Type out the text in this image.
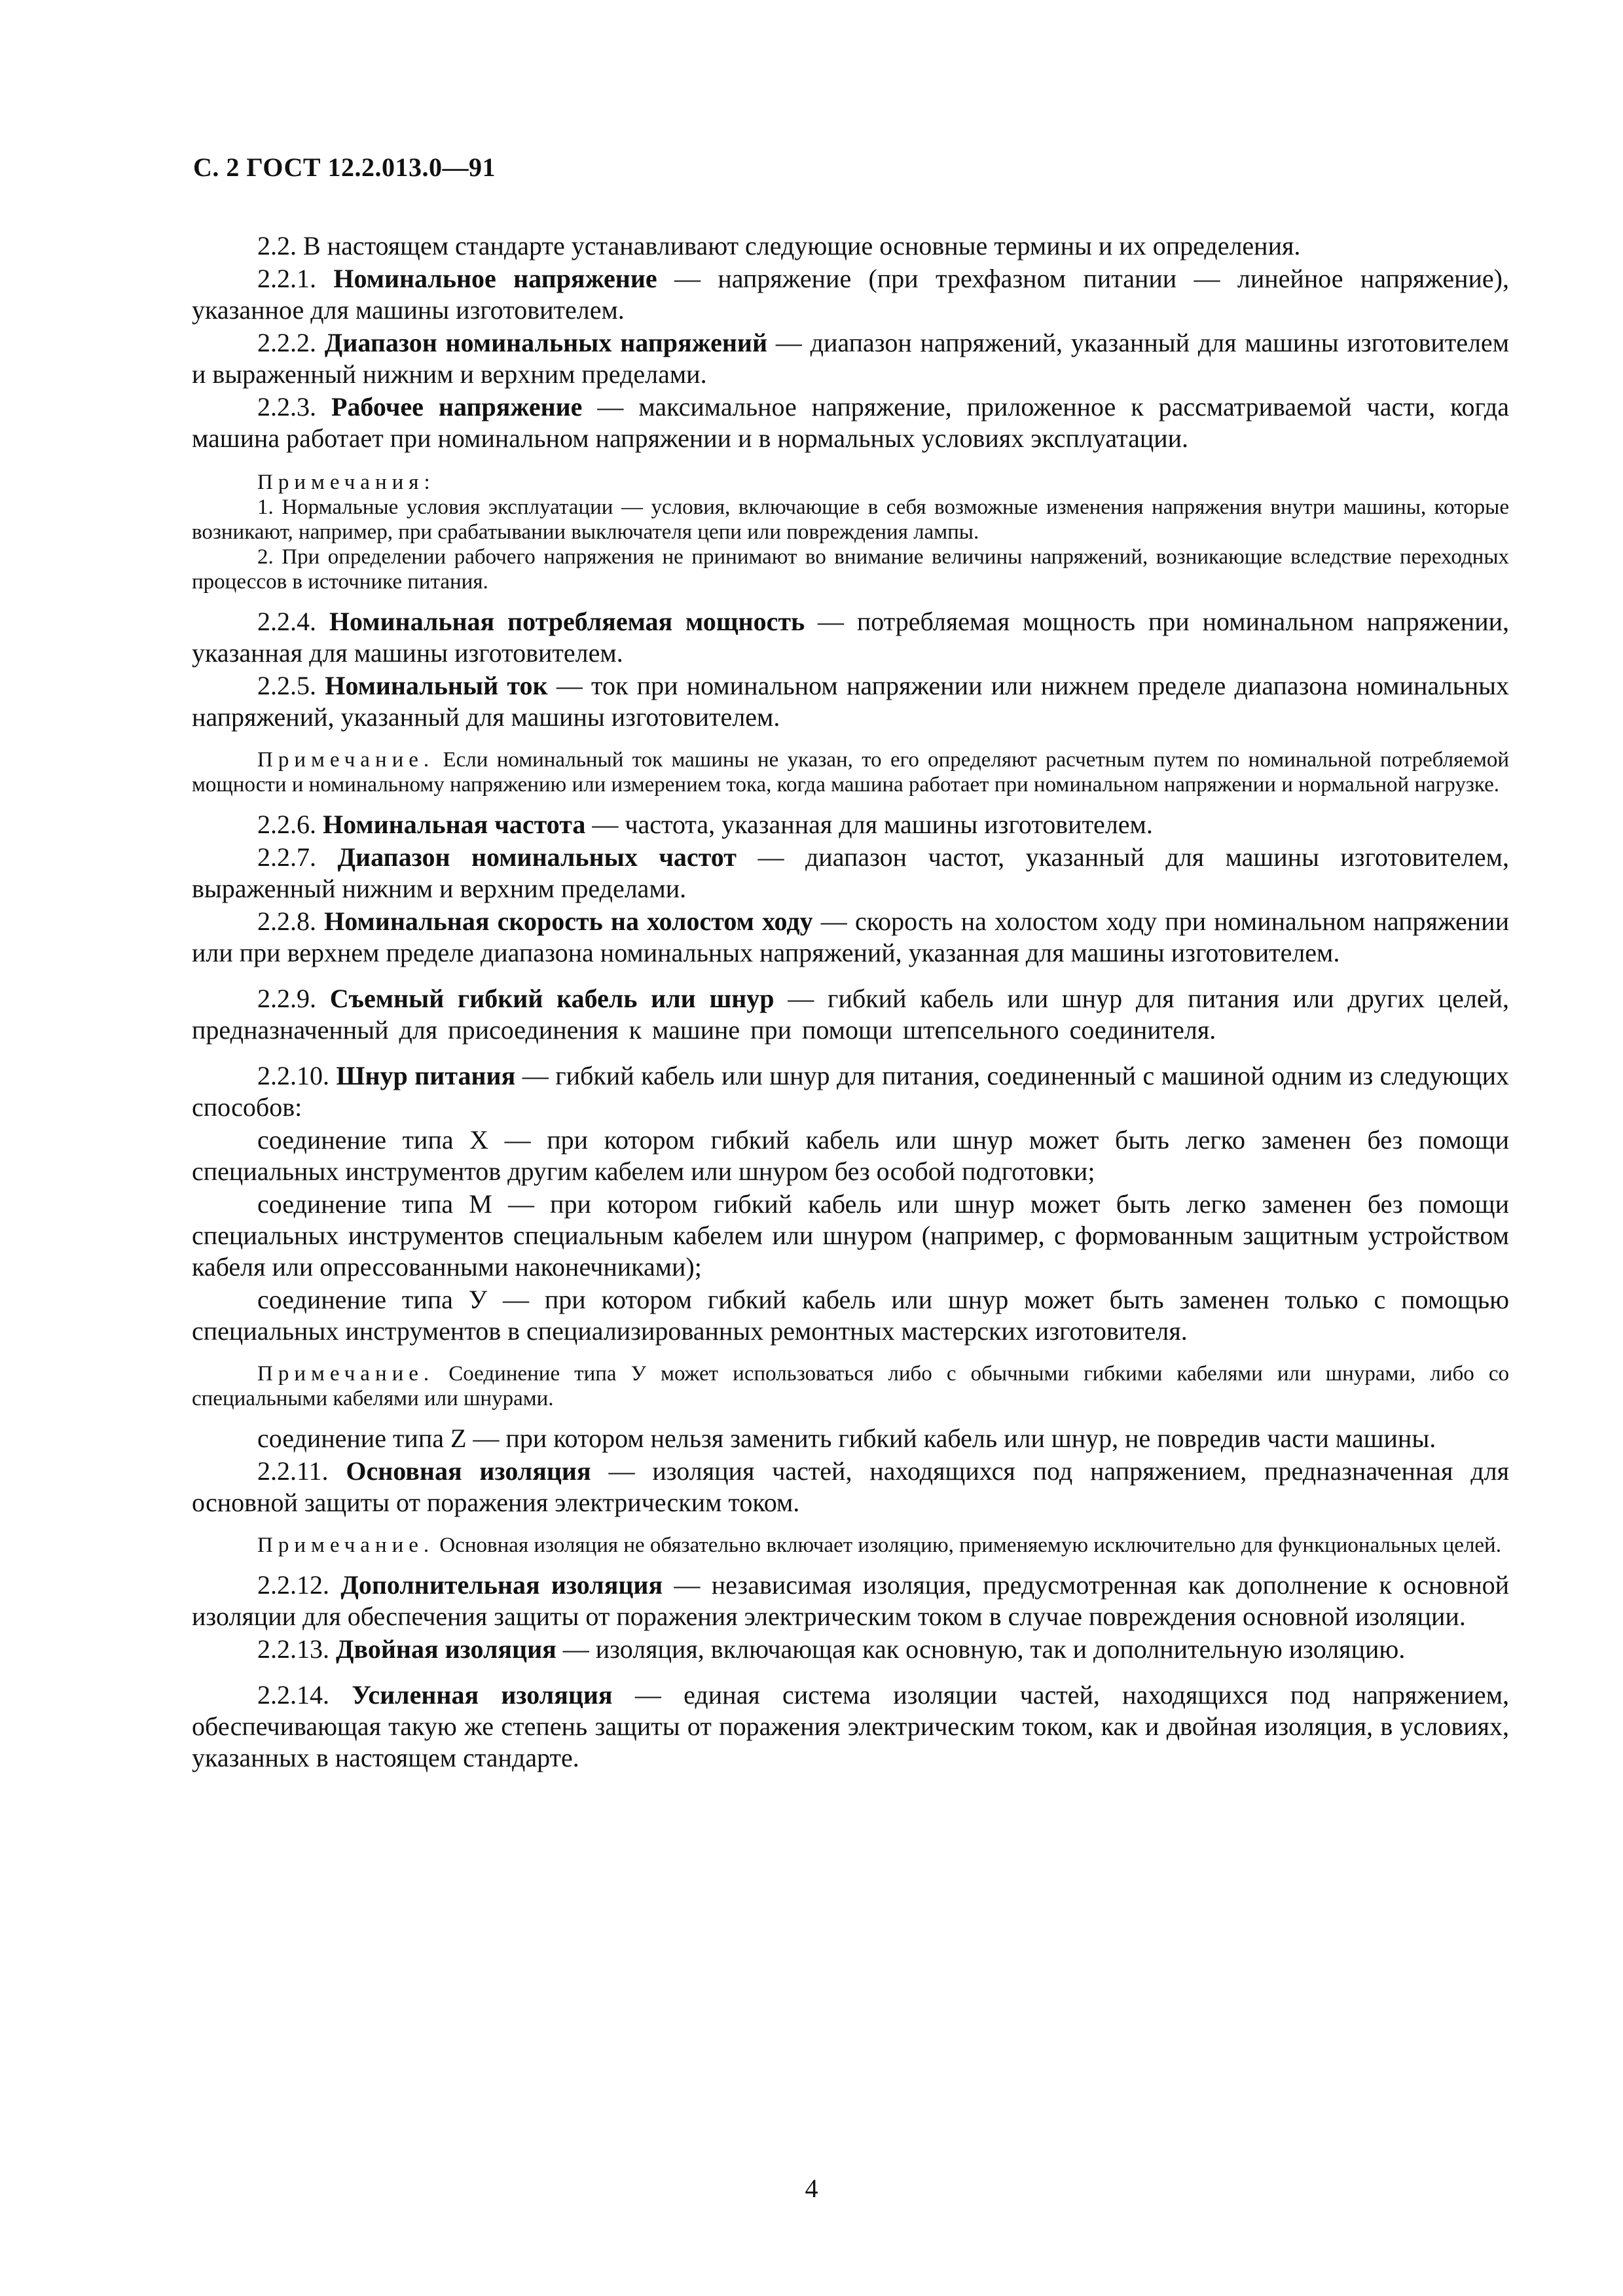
С. 2 ГОСТ 12.2.013.0—91

2.2. В настоящем стандарте устанавливают следующие основные термины и их определения.

2.2.1. Номинальное напряжение — напряжение (при трехфазном питании — линейное напряжение), указанное для машины изготовителем.

2.2.2. Диапазон номинальных напряжений — диапазон напряжений, указанный для машины изготовителем и выраженный нижним и верхним пределами.

2.2.3. Рабочее напряжение — максимальное напряжение, приложенное к рассматриваемой части, когда машина работает при номинальном напряжении и в нормальных условиях эксплуатации.

Примечания:

1. Нормальные условия эксплуатации — условия, включающие в себя возможные изменения напряжения внутри машины, которые возникают, например, при срабатывании выключателя цепи или повреждения лампы.

2. При определении рабочего напряжения не принимают во внимание величины напряжений, возникающие вследствие переходных процессов в источнике питания.

2.2.4. Номинальная потребляемая мощность — потребляемая мощность при номинальном напряжении, указанная для машины изготовителем.

2.2.5. Номинальный ток — ток при номинальном напряжении или нижнем пределе диапазона номинальных напряжений, указанный для машины изготовителем.

Примечание. Если номинальный ток машины не указан, то его определяют расчетным путем по номинальной потребляемой мощности и номинальному напряжению или измерением тока, когда машина работает при номинальном напряжении и нормальной нагрузке.

2.2.6. Номинальная частота — частота, указанная для машины изготовителем.

2.2.7. Диапазон номинальных частот — диапазон частот, указанный для машины изготовителем, выраженный нижним и верхним пределами.

2.2.8. Номинальная скорость на холостом ходу — скорость на холостом ходу при номинальном напряжении или при верхнем пределе диапазона номинальных напряжений, указанная для машины изготовителем.

2.2.9. Съемный гибкий кабель или шнур — гибкий кабель или шнур для питания или других целей, предназначенный для присоединения к машине при помощи штепсельного соединителя.

2.2.10. Шнур питания — гибкий кабель или шнур для питания, соединенный с машиной одним из следующих способов:

соединение типа X — при котором гибкий кабель или шнур может быть легко заменен без помощи специальных инструментов другим кабелем или шнуром без особой подготовки;

соединение типа M — при котором гибкий кабель или шнур может быть легко заменен без помощи специальных инструментов специальным кабелем или шнуром (например, с формованным защитным устройством кабеля или опрессованными наконечниками);

соединение типа У — при котором гибкий кабель или шнур может быть заменен только с помощью специальных инструментов в специализированных ремонтных мастерских изготовителя.

Примечание. Соединение типа У может использоваться либо с обычными гибкими кабелями или шнурами, либо со специальными кабелями или шнурами.

соединение типа Z — при котором нельзя заменить гибкий кабель или шнур, не повредив части машины.

2.2.11. Основная изоляция — изоляция частей, находящихся под напряжением, предназначенная для основной защиты от поражения электрическим током.

Примечание. Основная изоляция не обязательно включает изоляцию, применяемую исключительно для функциональных целей.

2.2.12. Дополнительная изоляция — независимая изоляция, предусмотренная как дополнение к основной изоляции для обеспечения защиты от поражения электрическим током в случае повреждения основной изоляции.

2.2.13. Двойная изоляция — изоляция, включающая как основную, так и дополнительную изоляцию.

2.2.14. Усиленная изоляция — единая система изоляции частей, находящихся под напряжением, обеспечивающая такую же степень защиты от поражения электрическим током, как и двойная изоляция, в условиях, указанных в настоящем стандарте.

4
